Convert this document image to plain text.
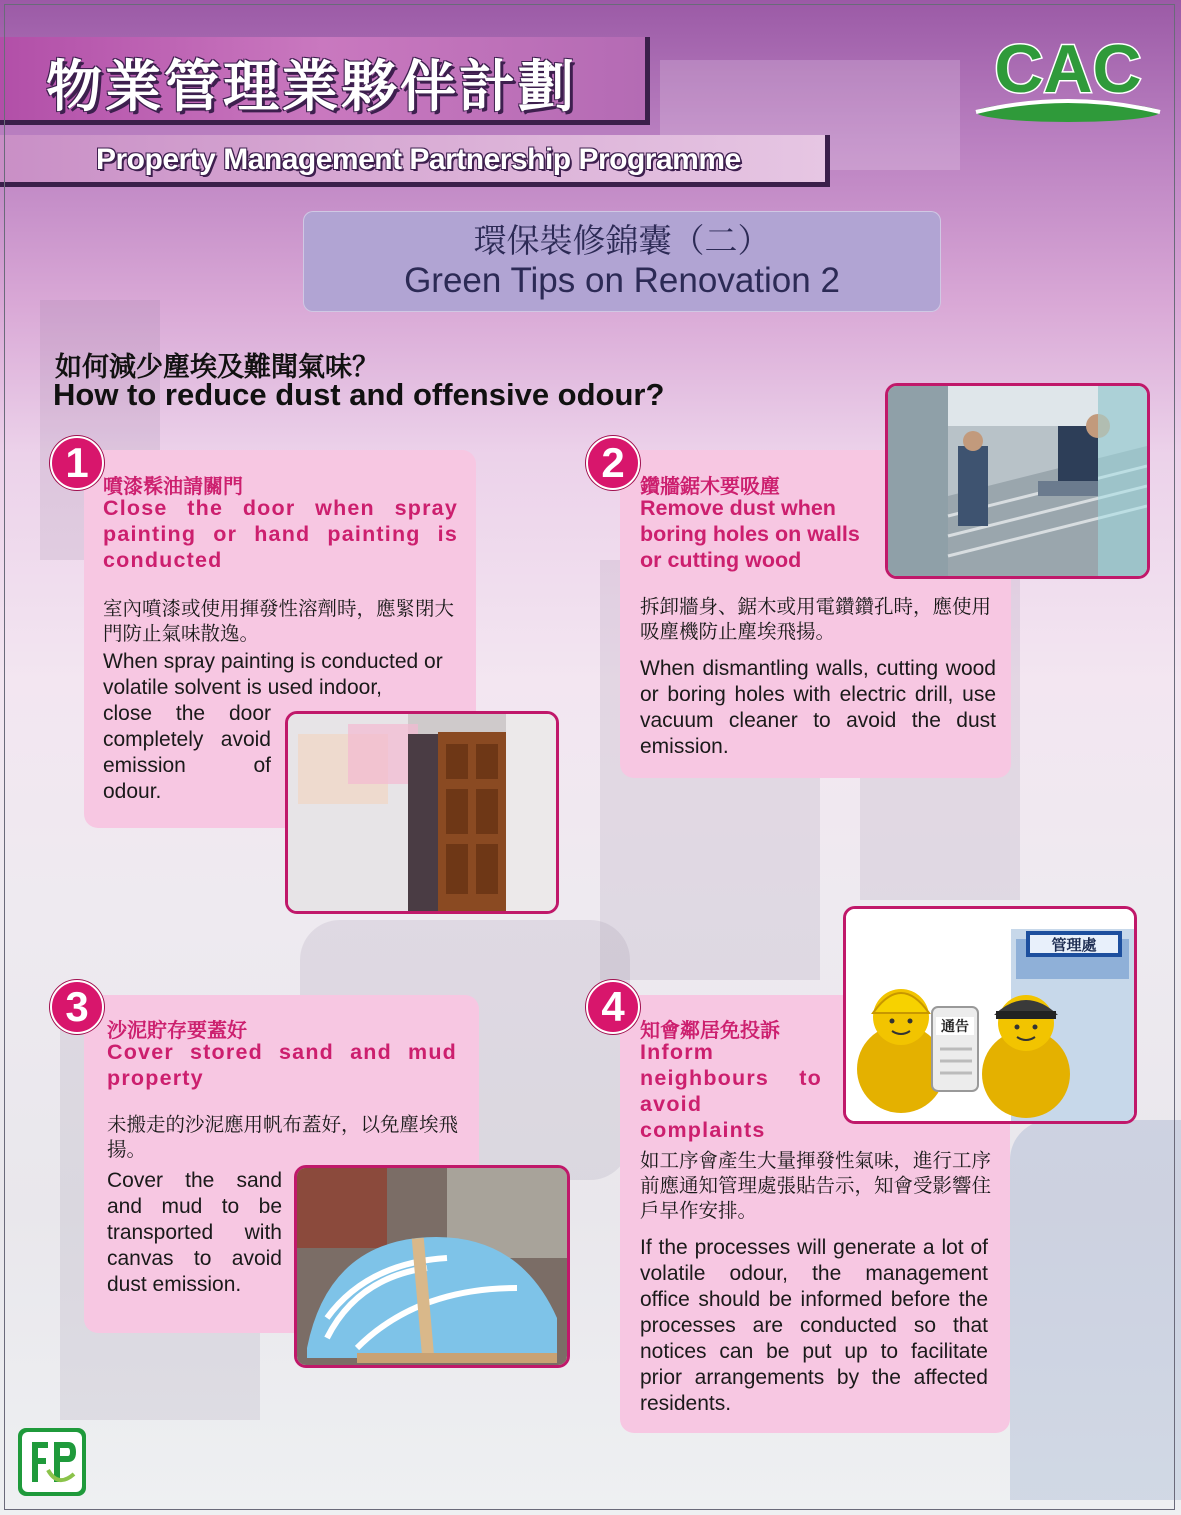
物業管理業夥伴計劃
Property Management Partnership Programme
CAC
環保裝修錦囊（二）
Green Tips on Renovation 2
如何減少塵埃及難聞氣味？
How to reduce dust and offensive odour?
1 噴漆髹油請關門
Close the door when spray painting or hand painting is conducted
室內噴漆或使用揮發性溶劑時，應緊閉大門防止氣味散逸。
When spray painting is conducted or volatile solvent is used indoor,
close the door completely avoid emission of odour.
2 鑽牆鋸木要吸塵
Remove dust when boring holes on walls or cutting wood
拆卸牆身、鋸木或用電鑽鑽孔時，應使用吸塵機防止塵埃飛揚。
When dismantling walls, cutting wood or boring holes with electric drill, use vacuum cleaner to avoid the dust emission.
3 沙泥貯存要蓋好
Cover stored sand and mud property
未搬走的沙泥應用帆布蓋好，以免塵埃飛揚。
Cover the sand and mud to be transported with canvas to avoid dust emission.
4 知會鄰居免投訴
Inform neighbours to avoid complaints
如工序會產生大量揮發性氣味，進行工序前應通知管理處張貼告示，知會受影響住戶早作安排。
If the processes will generate a lot of volatile odour, the management office should be informed before the processes are conducted so that notices can be put up to facilitate prior arrangements by the affected residents.
管理處
通告
EPD
